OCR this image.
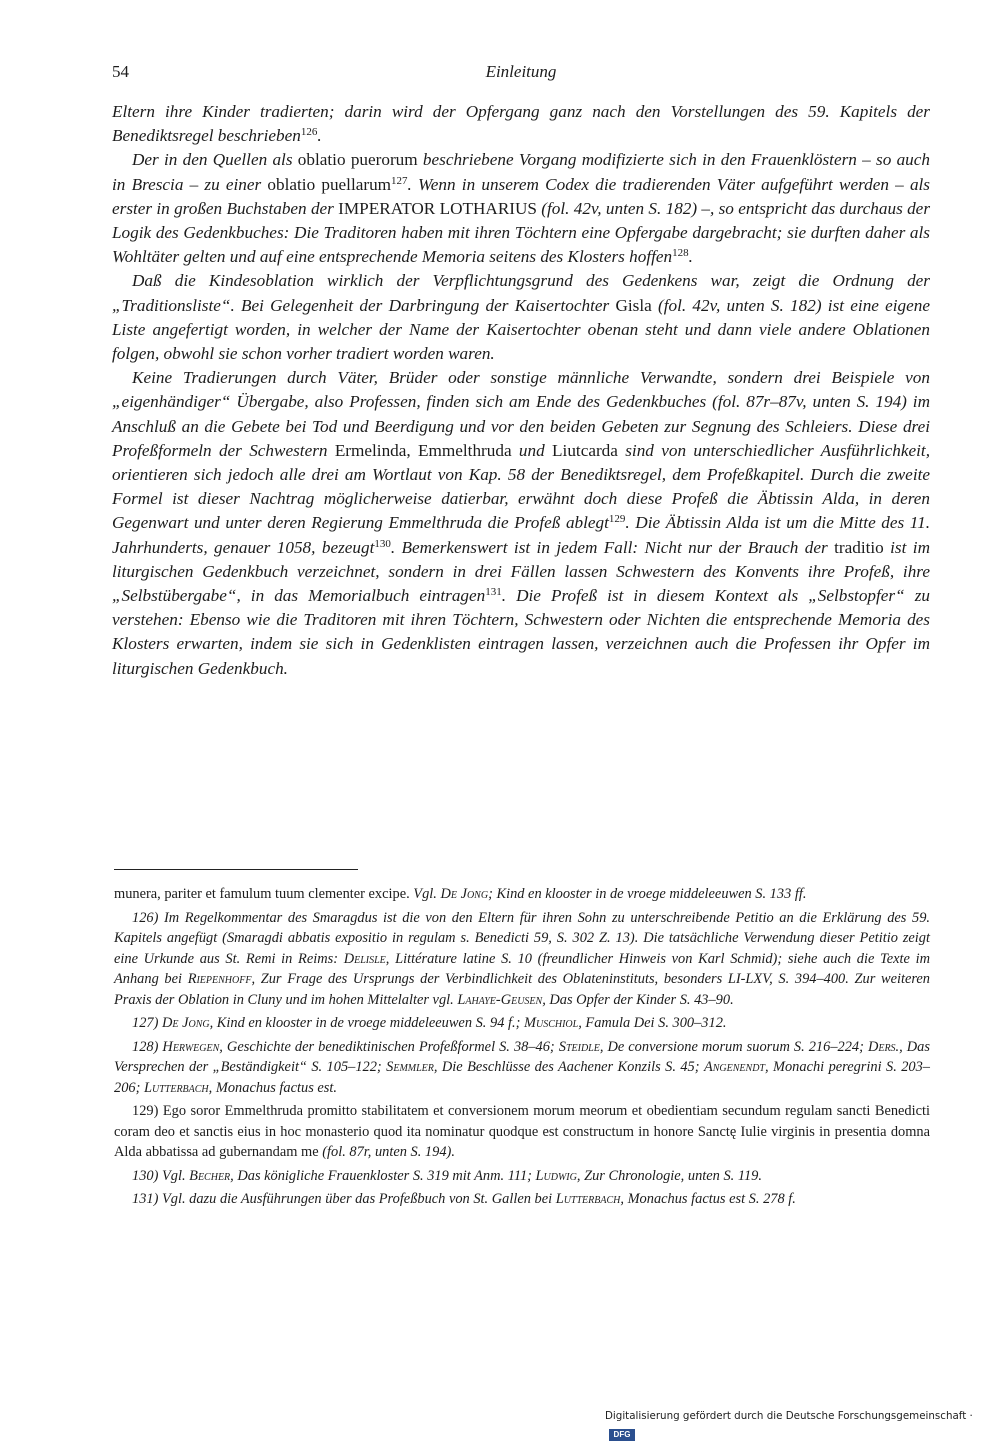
54	Einleitung

Eltern ihre Kinder tradierten; darin wird der Opfergang ganz nach den Vorstellungen des 59. Kapitels der Benediktsregel beschrieben$^{126}$.

Der in den Quellen als oblatio puerorum beschriebene Vorgang modifizierte sich in den Frauenklöstern – so auch in Brescia – zu einer oblatio puellarum$^{127}$. Wenn in unserem Codex die tradierenden Väter aufgeführt werden – als erster in großen Buchstaben der IMPERATOR LOTHARIUS (fol. 42v, unten S. 182) –, so entspricht das durchaus der Logik des Gedenkbuches: Die Traditoren haben mit ihren Töchtern eine Opfergabe dargebracht; sie durften daher als Wohltäter gelten und auf eine entsprechende Memoria seitens des Klosters hoffen$^{128}$.

Daß die Kindesoblation wirklich der Verpflichtungsgrund des Gedenkens war, zeigt die Ordnung der „Traditionsliste“. Bei Gelegenheit der Darbringung der Kaisertochter Gisla (fol. 42v, unten S. 182) ist eine eigene Liste angefertigt worden, in welcher der Name der Kaisertochter obenan steht und dann viele andere Oblationen folgen, obwohl sie schon vorher tradiert worden waren.

Keine Tradierungen durch Väter, Brüder oder sonstige männliche Verwandte, sondern drei Beispiele von „eigenhändiger“ Übergabe, also Professen, finden sich am Ende des Gedenkbuches (fol. 87r–87v, unten S. 194) im Anschluß an die Gebete bei Tod und Beerdigung und vor den beiden Gebeten zur Segnung des Schleiers. Diese drei Profeßformeln der Schwestern Ermelinda, Emmelthruda und Liutcarda sind von unterschiedlicher Ausführlichkeit, orientieren sich jedoch alle drei am Wortlaut von Kap. 58 der Benediktsregel, dem Profeßkapitel. Durch die zweite Formel ist dieser Nachtrag möglicherweise datierbar, erwähnt doch diese Profeß die Äbtissin Alda, in deren Gegenwart und unter deren Regierung Emmelthruda die Profeß ablegt$^{129}$. Die Äbtissin Alda ist um die Mitte des 11. Jahrhunderts, genauer 1058, bezeugt$^{130}$. Bemerkenswert ist in jedem Fall: Nicht nur der Brauch der traditio ist im liturgischen Gedenkbuch verzeichnet, sondern in drei Fällen lassen Schwestern des Konvents ihre Profeß, ihre „Selbstübergabe“, in das Memorialbuch eintragen$^{131}$. Die Profeß ist in diesem Kontext als „Selbstopfer“ zu verstehen: Ebenso wie die Traditoren mit ihren Töchtern, Schwestern oder Nichten die entsprechende Memoria des Klosters erwarten, indem sie sich in Gedenklisten eintragen lassen, verzeichnen auch die Professen ihr Opfer im liturgischen Gedenkbuch.

munera, pariter et famulum tuum clementer excipe. Vgl. De Jong; Kind en klooster in de vroege middeleeuwen S. 133 ff.

126) Im Regelkommentar des Smaragdus ist die von den Eltern für ihren Sohn zu unterschreibende Petitio an die Erklärung des 59. Kapitels angefügt (Smaragdi abbatis expositio in regulam s. Benedicti 59, S. 302 Z. 13). Die tatsächliche Verwendung dieser Petitio zeigt eine Urkunde aus St. Remi in Reims: Delisle, Littérature latine S. 10 (freundlicher Hinweis von Karl Schmid); siehe auch die Texte im Anhang bei Riepenhoff, Zur Frage des Ursprungs der Verbindlichkeit des Oblateninstituts, besonders LI-LXV, S. 394–400. Zur weiteren Praxis der Oblation in Cluny und im hohen Mittelalter vgl. Lahaye-Geusen, Das Opfer der Kinder S. 43–90.

127) De Jong, Kind en klooster in de vroege middeleeuwen S. 94 f.; Muschiol, Famula Dei S. 300–312.

128) Herwegen, Geschichte der benediktinischen Profeßformel S. 38–46; Steidle, De conversione morum suorum S. 216–224; Ders., Das Versprechen der „Beständigkeit“ S. 105–122; Semmler, Die Beschlüsse des Aachener Konzils S. 45; Angenendt, Monachi peregrini S. 203–206; Lutterbach, Monachus factus est.

129) Ego soror Emmelthruda promitto stabilitatem et conversionem morum meorum et obedientiam secundum regulam sancti Benedicti coram deo et sanctis eius in hoc monasterio quod ita nominatur quodque est constructum in honore Sanctę Iulie virginis in presentia domna Alda abbatissa ad gubernandam me (fol. 87r, unten S. 194).

130) Vgl. Becher, Das königliche Frauenkloster S. 319 mit Anm. 111; Ludwig, Zur Chronologie, unten S. 119.

131) Vgl. dazu die Ausführungen über das Profeßbuch von St. Gallen bei Lutterbach, Monachus factus est S. 278 f.

Digitalisierung gefördert durch die Deutsche Forschungsgemeinschaft · DFG
